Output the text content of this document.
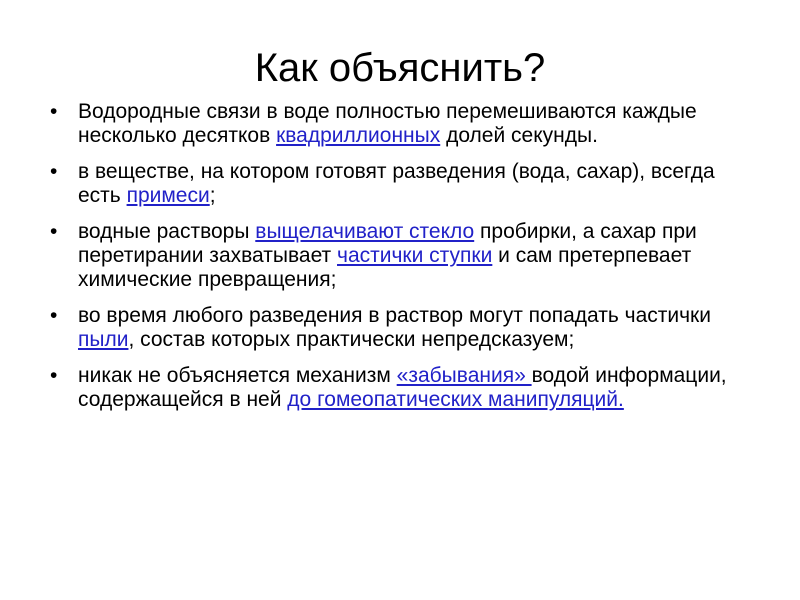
Как объяснить?
• Водородные связи в воде полностью перемешиваются каждые несколько десятков квадриллионных долей секунды.
• в веществе, на котором готовят разведения (вода, сахар), всегда есть примеси;
• водные растворы выщелачивают стекло пробирки, а сахар при перетирании захватывает частички ступки и сам претерпевает химические превращения;
• во время любого разведения в раствор могут попадать частички пыли, состав которых практически непредсказуем;
• никак не объясняется механизм «забывания» водой информации, содержащейся в ней до гомеопатических манипуляций.
